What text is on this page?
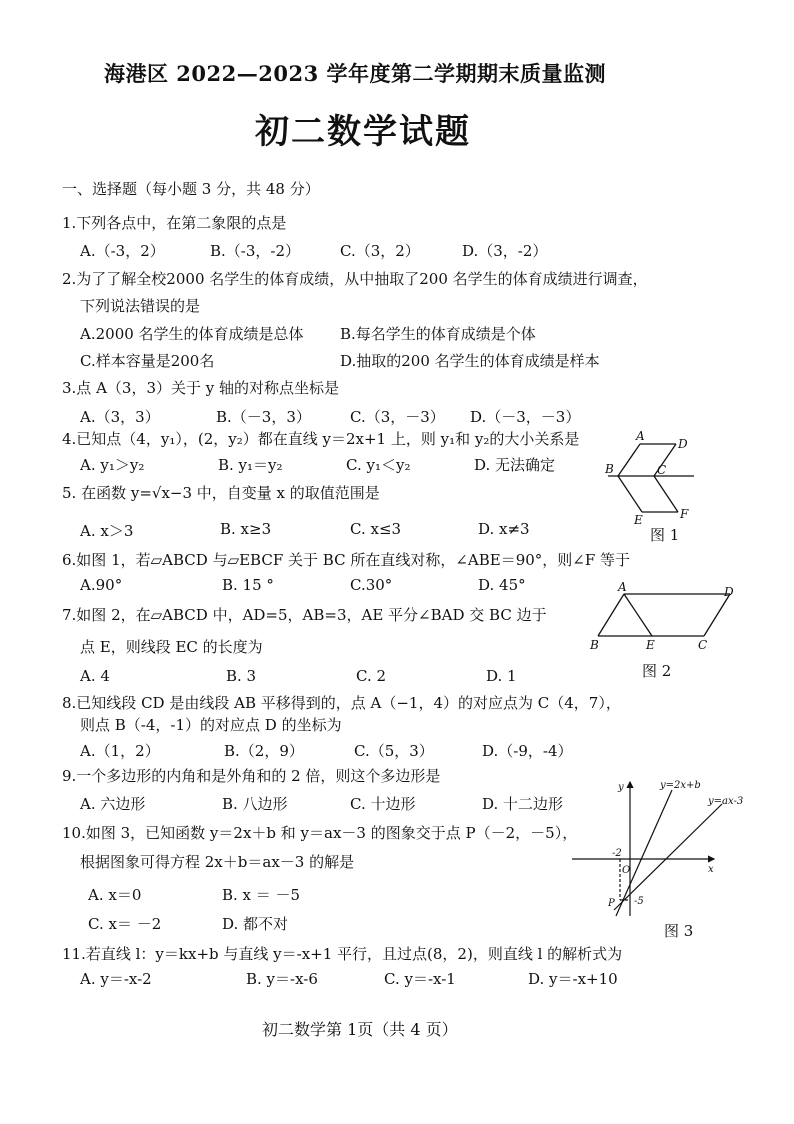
海港区 2022—2023 学年度第二学期期末质量监测
初二数学试题
一、选择题（每小题 3 分，共 48 分）
1.下列各点中，在第二象限的点是
A.（-3，2）	B.（-3，-2）	C.（3，2）	D.（3，-2）
2.为了了解全校2000 名学生的体育成绩，从中抽取了200 名学生的体育成绩进行调查，
下列说法错误的是
A.2000 名学生的体育成绩是总体 B.每名学生的体育成绩是个体
C.样本容量是200名	D.抽取的200 名学生的体育成绩是样本
3.点 A（3，3）关于 y 轴的对称点坐标是
A.（3，3）	B.（－3，3）	C.（3，－3） D.（－3，－3）
4.已知点（4，y₁），(2，y₂）都在直线 y＝2x+1 上，则 y₁和 y₂的大小关系是
A. y₁＞y₂	B. y₁＝y₂	C. y₁＜y₂	D. 无法确定
5. 在函数 y=√x−3 中，自变量 x 的取值范围是
A. x＞3	B. x≥3	C. x≤3	D. x≠3
6.如图 1，若▱ABCD 与▱EBCF 关于 BC 所在直线对称，∠ABE＝90°，则∠F 等于
A.90°	B. 15 °	C.30°	D. 45°
7.如图 2，在▱ABCD 中，AD=5，AB=3，AE 平分∠BAD 交 BC 边于
点 E，则线段 EC 的长度为
A. 4	B. 3	C. 2	D. 1
8.已知线段 CD 是由线段 AB 平移得到的，点 A（−1，4）的对应点为 C（4，7），
则点 B（-4，-1）的对应点 D 的坐标为
A.（1，2）	B.（2，9）	C.（5，3）	D.（-9，-4）
9.一个多边形的内角和是外角和的 2 倍，则这个多边形是
A. 六边形	B. 八边形	C. 十边形	D. 十二边形
10.如图 3，已知函数 y＝2x＋b 和 y＝ax－3 的图象交于点 P（－2，－5），
根据图象可得方程 2x＋b＝ax－3 的解是
A. x＝0	B. x ＝ －5
C. x＝ －2	D. 都不对
11.若直线 l：y＝kx+b 与直线 y＝-x+1 平行，且过点(8，2)，则直线 l 的解析式为
A. y＝-x-2	B. y＝-x-6	C. y＝-x-1	D. y＝-x+10
A
D
B	C
E	F
图 1
A	D
B	E	C
图 2
y	y=2x+b
y=ax-3
-2
O	x
P -5
图 3
初二数学第 1页（共 4 页）
